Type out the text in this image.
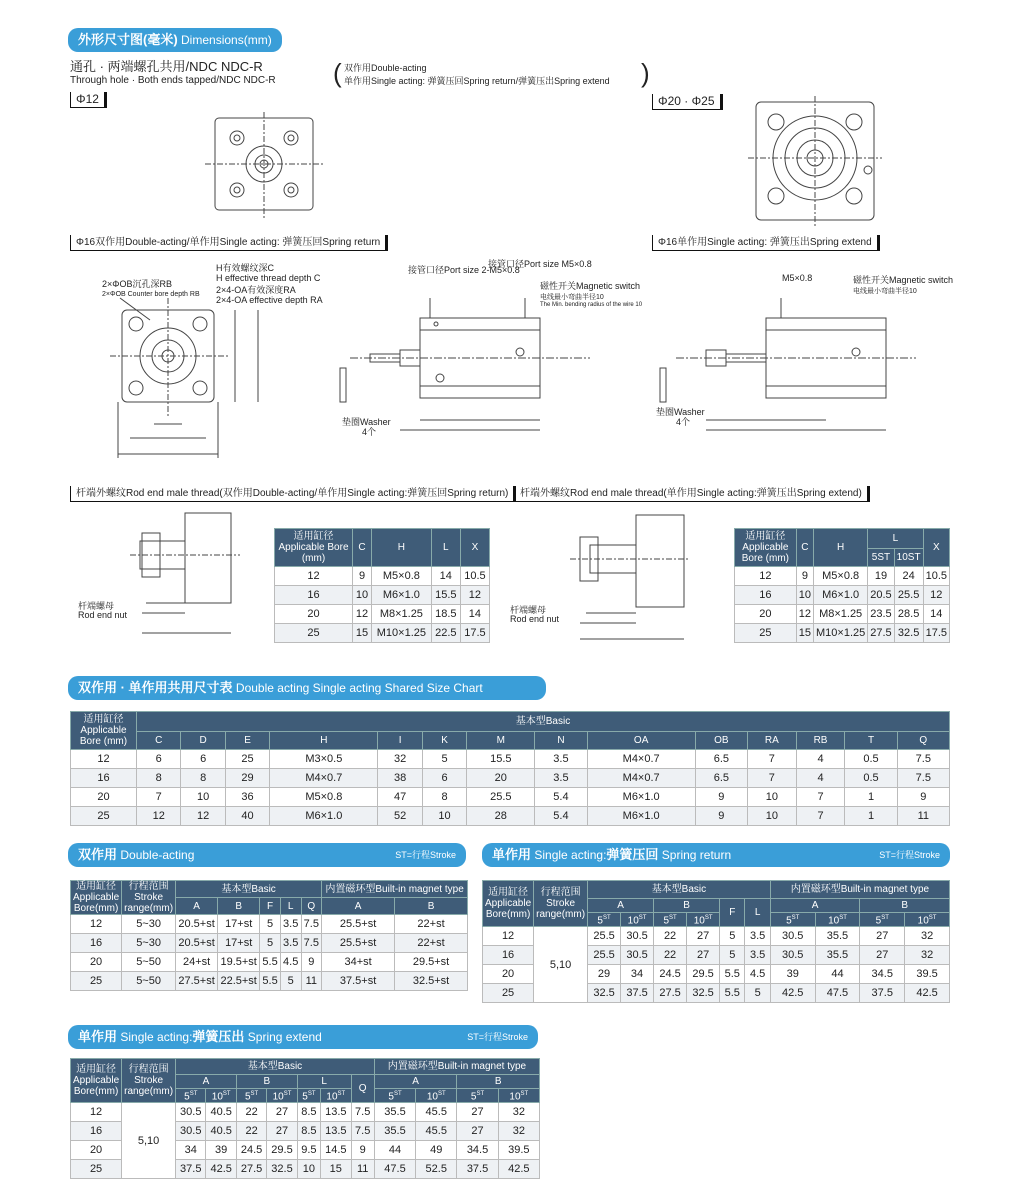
外形尺寸图(毫米) Dimensions(mm)
通孔 · 两端螺孔共用/NDC NDC-R
Through hole · Both ends tapped/NDC NDC-R ( 双作用Double-acting
单作用Single acting: 弹簧压回Spring return/弹簧压出Spring extend )
Φ12	Φ20 · Φ25
Φ16双作用Double-acting/单作用Single acting: 弹簧压回Spring return	Φ16单作用Single acting: 弹簧压出Spring extend
2×ΦOB沉孔深RB
2×ΦOB Counter bore depth RB
H有效螺纹深C
H effective thread depth C
2×4-OA有效深度RA
2×4-OA effective depth RA
接管口径Port size 2-M5×0.8
接管口径Port size M5×0.8
磁性开关Magnetic switch
电线最小弯曲半径10
The Min. bending radius of the wire 10
垫圈Washer
4个
M5×0.8	磁性开关Magnetic switch
电线最小弯曲半径10
垫圈Washer
4个
杆端外螺纹Rod end male thread(双作用Double-acting/单作用Single acting:弹簧压回Spring return)	杆端外螺纹Rod end male thread(单作用Single acting:弹簧压出Spring extend)
杆端螺母
Rod end nut	杆端螺母
Rod end nut
适用缸径 Applicable Bore (mm)	C	H	L	X
12	9	M5×0.8	14	10.5
16	10	M6×1.0	15.5	12
20	12	M8×1.25	18.5	14
25	15	M10×1.25	22.5	17.5
适用缸径 Applicable Bore (mm)	C	H	L		X
			5ST	10ST	
12	9	M5×0.8	19	24	10.5
16	10	M6×1.0	20.5	25.5	12
20	12	M8×1.25	23.5	28.5	14
25	15	M10×1.25	27.5	32.5	17.5
双作用 · 单作用共用尺寸表 Double acting Single acting Shared Size Chart
适用缸径 Applicable Bore (mm)	基本型Basic													
	C	D	E	H	I	K	M	N	OA	OB	RA	RB	T	Q
12	6	6	25	M3×0.5	32	5	15.5	3.5	M4×0.7	6.5	7	4	0.5	7.5
16	8	8	29	M4×0.7	38	6	20	3.5	M4×0.7	6.5	7	4	0.5	7.5
20	7	10	36	M5×0.8	47	8	25.5	5.4	M6×1.0	9	10	7	1	9
25	12	12	40	M6×1.0	52	10	28	5.4	M6×1.0	9	10	7	1	11
双作用 Double-acting	ST=行程Stroke
适用缸径 Applicable Bore(mm)	行程范围 Stroke range(mm)	基本型Basic					内置磁环型Built-in magnet type	
		A	B	F	L	Q	A	B
12	5~30	20.5+st	17+st	5	3.5	7.5	25.5+st	22+st
16	5~30	20.5+st	17+st	5	3.5	7.5	25.5+st	22+st
20	5~50	24+st	19.5+st	5.5	4.5	9	34+st	29.5+st
25	5~50	27.5+st	22.5+st	5.5	5	11	37.5+st	32.5+st
单作用 Single acting:弹簧压回 Spring return	ST=行程Stroke
适用缸径 Applicable Bore(mm)	行程范围 Stroke range(mm)	基本型Basic						内置磁环型Built-in magnet type			
		A		B		F	L	A		B	
		5ST	10ST	5ST	10ST			5ST	10ST	5ST	10ST
12	5,10	25.5	30.5	22	27	5	3.5	30.5	35.5	27	32
16		25.5	30.5	22	27	5	3.5	30.5	35.5	27	32
20		29	34	24.5	29.5	5.5	4.5	39	44	34.5	39.5
25		32.5	37.5	27.5	32.5	5.5	5	42.5	47.5	37.5	42.5
单作用 Single acting:弹簧压出 Spring extend	ST=行程Stroke
适用缸径 Applicable Bore(mm)	行程范围 Stroke range(mm)	基本型Basic							内置磁环型Built-in magnet type			
		A		B		L		Q	A		B	
		5ST	10ST	5ST	10ST	5ST	10ST		5ST	10ST	5ST	10ST
12	5,10	30.5	40.5	22	27	8.5	13.5	7.5	35.5	45.5	27	32
16		30.5	40.5	22	27	8.5	13.5	7.5	35.5	45.5	27	32
20		34	39	24.5	29.5	9.5	14.5	9	44	49	34.5	39.5
25		37.5	42.5	27.5	32.5	10	15	11	47.5	52.5	37.5	42.5
